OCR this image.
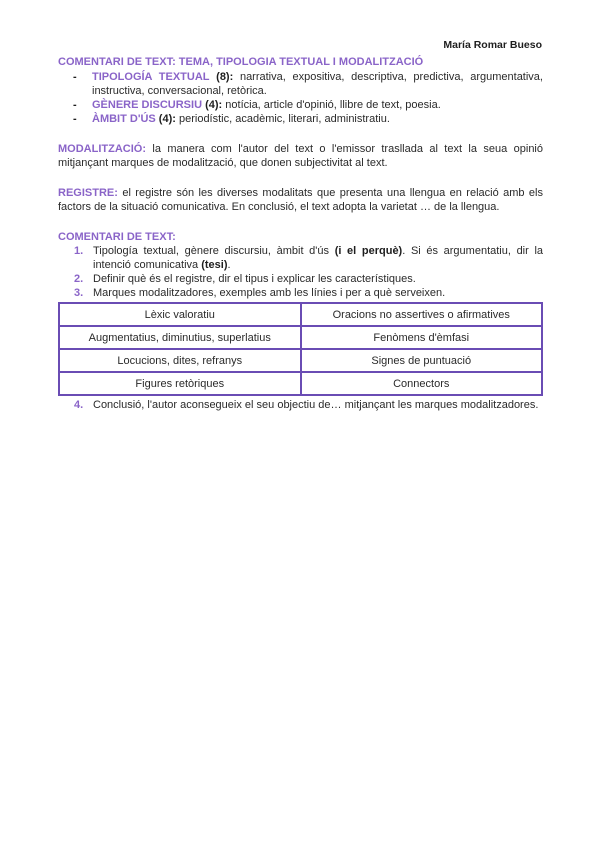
María Romar Bueso
COMENTARI DE TEXT: TEMA, TIPOLOGIA TEXTUAL I MODALITZACIÓ
- TIPOLOGÍA TEXTUAL (8): narrativa, expositiva, descriptiva, predictiva, argumentativa, instructiva, conversacional, retòrica.
- GÈNERE DISCURSIU (4): notícia, article d'opinió, llibre de text, poesia.
- ÀMBIT D'ÚS (4): periodístic, acadèmic, literari, administratiu.

MODALITZACIÓ: la manera com l'autor del text o l'emissor traslladа al text la seua opinió mitjançant marques de modalització, que donen subjectivitat al text.

REGISTRE: el registre són les diverses modalitats que presenta una llengua en relació amb els factors de la situació comunicativa. En conclusió, el text adopta la varietat … de la llengua.

COMENTARI DE TEXT:
1. Tipología textual, gènere discursiu, àmbit d'ús (i el perquè). Si és argumentatiu, dir la intenció comunicativa (tesi).
2. Definir què és el registre, dir el tipus i explicar les característiques.
3. Marques modalitzadores, exemples amb les línies i per a què serveixen.
Lèxic valoratiu	Oracions no assertives o afirmatives
Augmentatius, diminutius, superlatius	Fenòmens d'èmfasi
Locucions, dites, refranys	Signes de puntuació
Figures retòriques	Connectors
4. Conclusió, l'autor aconsegueix el seu objectiu de… mitjançant les marques modalitzadores.
